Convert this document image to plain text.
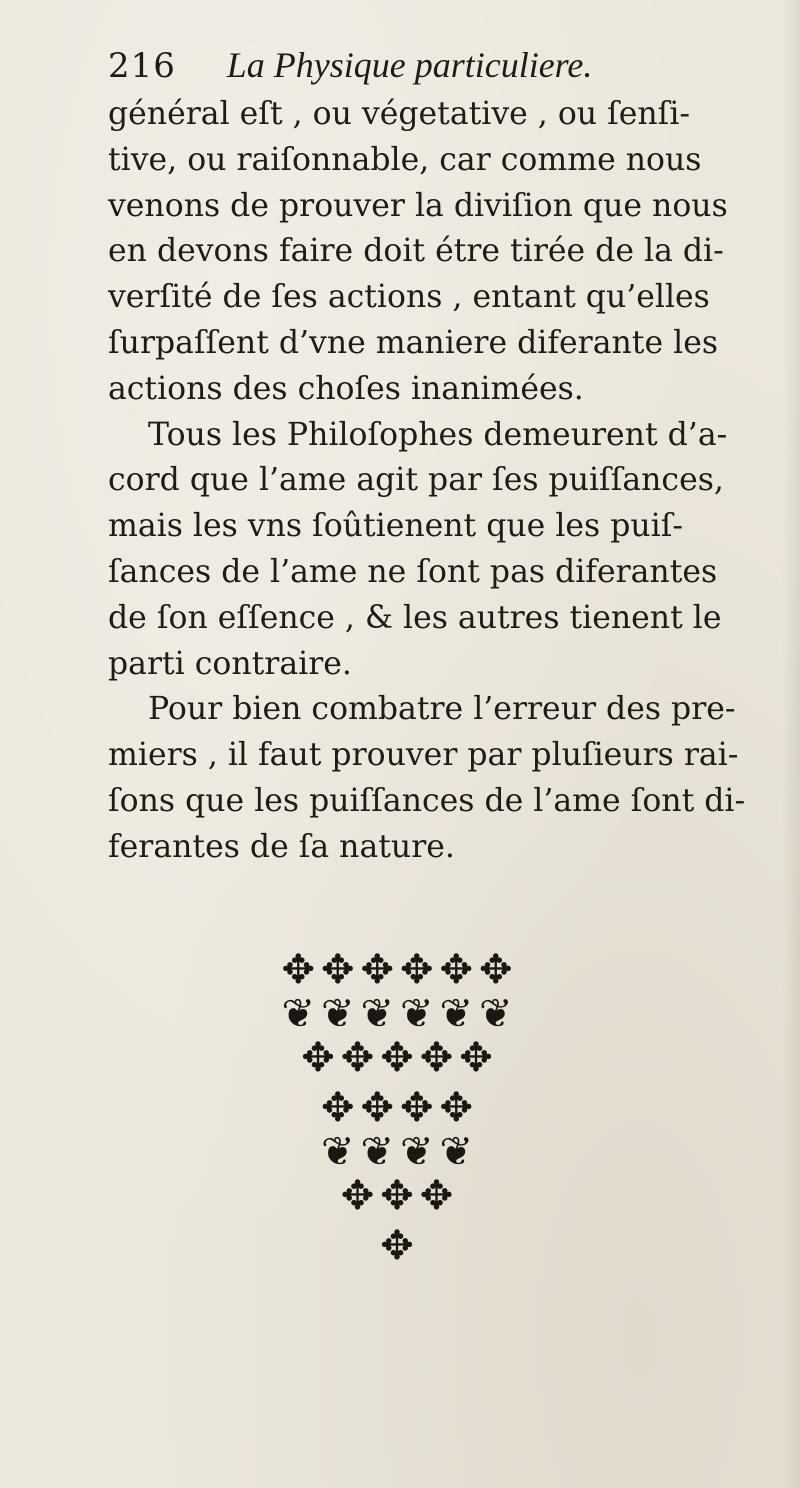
216 La Physique particuliere.
général eſt , ou végetative , ou ſenſi-
tive, ou raiſonnable, car comme nous
venons de prouver la diviſion que nous
en devons faire doit étre tirée de la di-
verſité de ſes actions , entant qu’elles
ſurpaſſent d’vne maniere diferante les
actions des choſes inanimées.
Tous les Philoſophes demeurent d’a-
cord que l’ame agit par ſes puiſſances,
mais les vns ſoûtienent que les puiſ-
ſances de l’ame ne ſont pas diferantes
de ſon eſſence , & les autres tienent le
parti contraire.
Pour bien combatre l’erreur des pre-
miers , il faut prouver par pluſieurs rai-
ſons que les puiſſances de l’ame ſont di-
ferantes de ſa nature.
✥✥✥✥✥✥
❦❦❦❦❦❦
✥✥✥✥✥
✥✥✥✥
❦❦❦❦
✥✥✥
✥
